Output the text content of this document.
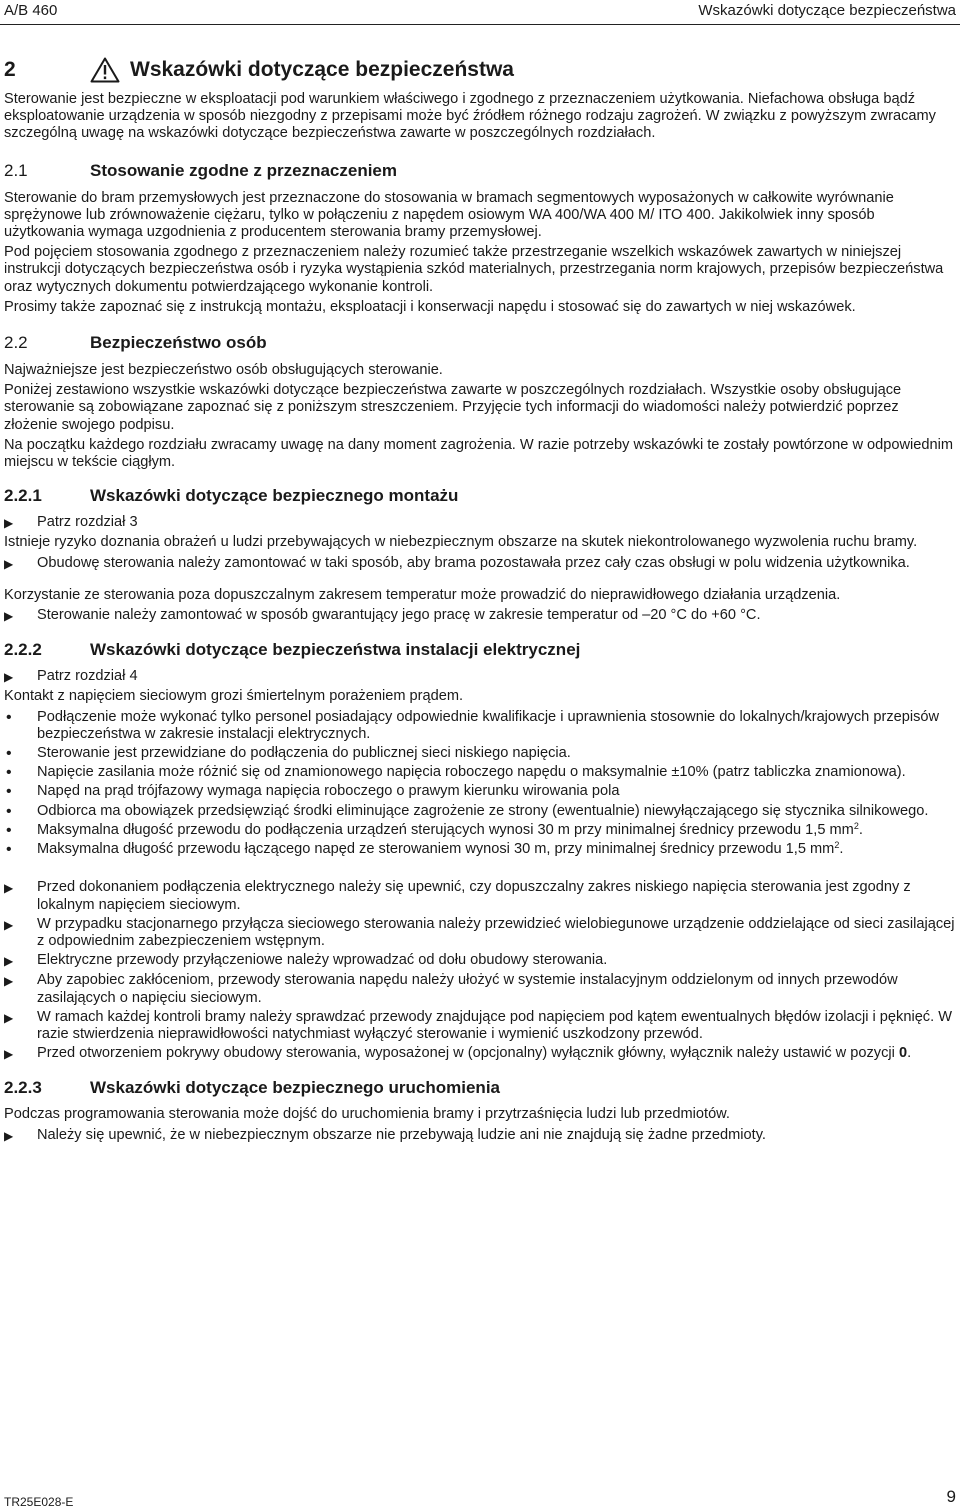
A/B 460	Wskazówki dotyczące bezpieczeństwa
2	Wskazówki dotyczące bezpieczeństwa

Sterowanie jest bezpieczne w eksploatacji pod warunkiem właściwego i zgodnego z przeznaczeniem użytkowania. Niefachowa obsługa bądź eksploatowanie urządzenia w sposób niezgodny z przepisami może być źródłem różnego rodzaju zagrożeń. W związku z powyższym zwracamy szczególną uwagę na wskazówki dotyczące bezpieczeństwa zawarte w poszczególnych rozdziałach.

2.1	Stosowanie zgodne z przeznaczeniem

Sterowanie do bram przemysłowych jest przeznaczone do stosowania w bramach segmentowych wyposażonych w całkowite wyrównanie sprężynowe lub zrównoważenie ciężaru, tylko w połączeniu z napędem osiowym WA 400/WA 400 M/ ITO 400. Jakikolwiek inny sposób użytkowania wymaga uzgodnienia z producentem sterowania bramy przemysłowej.

Pod pojęciem stosowania zgodnego z przeznaczeniem należy rozumieć także przestrzeganie wszelkich wskazówek zawartych w niniejszej instrukcji dotyczących bezpieczeństwa osób i ryzyka wystąpienia szkód materialnych, przestrzegania norm krajowych, przepisów bezpieczeństwa oraz wytycznych dokumentu potwierdzającego wykonanie kontroli.

Prosimy także zapoznać się z instrukcją montażu, eksploatacji i konserwacji napędu i stosować się do zawartych w niej wskazówek.

2.2	Bezpieczeństwo osób

Najważniejsze jest bezpieczeństwo osób obsługujących sterowanie.

Poniżej zestawiono wszystkie wskazówki dotyczące bezpieczeństwa zawarte w poszczególnych rozdziałach. Wszystkie osoby obsługujące sterowanie są zobowiązane zapoznać się z poniższym streszczeniem. Przyjęcie tych informacji do wiadomości należy potwierdzić poprzez złożenie swojego podpisu.

Na początku każdego rozdziału zwracamy uwagę na dany moment zagrożenia. W razie potrzeby wskazówki te zostały powtórzone w odpowiednim miejscu w tekście ciągłym.

2.2.1	Wskazówki dotyczące bezpiecznego montażu
▶	Patrz rozdział 3

Istnieje ryzyko doznania obrażeń u ludzi przebywających w niebezpiecznym obszarze na skutek niekontrolowanego wyzwolenia ruchu bramy.

▶	Obudowę sterowania należy zamontować w taki sposób, aby brama pozostawała przez cały czas obsługi w polu widzenia użytkownika.

Korzystanie ze sterowania poza dopuszczalnym zakresem temperatur może prowadzić do nieprawidłowego działania urządzenia.

▶	Sterowanie należy zamontować w sposób gwarantujący jego pracę w zakresie temperatur od –20 °C do +60 °C.
2.2.2	Wskazówki dotyczące bezpieczeństwa instalacji elektrycznej
▶	Patrz rozdział 4

Kontakt z napięciem sieciowym grozi śmiertelnym porażeniem prądem.

•	Podłączenie może wykonać tylko personel posiadający odpowiednie kwalifikacje i uprawnienia stosownie do lokalnych/krajowych przepisów bezpieczeństwa w zakresie instalacji elektrycznych.
•	Sterowanie jest przewidziane do podłączenia do publicznej sieci niskiego napięcia.
•	Napięcie zasilania może różnić się od znamionowego napięcia roboczego napędu o maksymalnie ±10% (patrz tabliczka znamionowa).
•	Napęd na prąd trójfazowy wymaga napięcia roboczego o prawym kierunku wirowania pola
•	Odbiorca ma obowiązek przedsięwziąć środki eliminujące zagrożenie ze strony (ewentualnie) niewyłączającego się stycznika silnikowego.
•	Maksymalna długość przewodu do podłączenia urządzeń sterujących wynosi 30 m przy minimalnej średnicy przewodu 1,5 $mm^2$.
•	Maksymalna długość przewodu łączącego napęd ze sterowaniem wynosi 30 m, przy minimalnej średnicy przewodu 1,5 $mm^2$.
▶	Przed dokonaniem podłączenia elektrycznego należy się upewnić, czy dopuszczalny zakres niskiego napięcia sterowania jest zgodny z lokalnym napięciem sieciowym.
▶	W przypadku stacjonarnego przyłącza sieciowego sterowania należy przewidzieć wielobiegunowe urządzenie oddzielające od sieci zasilającej z odpowiednim zabezpieczeniem wstępnym.
▶	Elektryczne przewody przyłączeniowe należy wprowadzać od dołu obudowy sterowania.
▶	Aby zapobiec zakłóceniom, przewody sterowania napędu należy ułożyć w systemie instalacyjnym oddzielonym od innych przewodów zasilających o napięciu sieciowym.
▶	W ramach każdej kontroli bramy należy sprawdzać przewody znajdujące pod napięciem pod kątem ewentualnych błędów izolacji i pęknięć. W razie stwierdzenia nieprawidłowości natychmiast wyłączyć sterowanie i wymienić uszkodzony przewód.
▶	Przed otworzeniem pokrywy obudowy sterowania, wyposażonej w (opcjonalny) wyłącznik główny, wyłącznik należy ustawić w pozycji 0.
2.2.3	Wskazówki dotyczące bezpiecznego uruchomienia

Podczas programowania sterowania może dojść do uruchomienia bramy i przytrzaśnięcia ludzi lub przedmiotów.

▶	Należy się upewnić, że w niebezpiecznym obszarze nie przebywają ludzie ani nie znajdują się żadne przedmioty.
TR25E028-E	9
